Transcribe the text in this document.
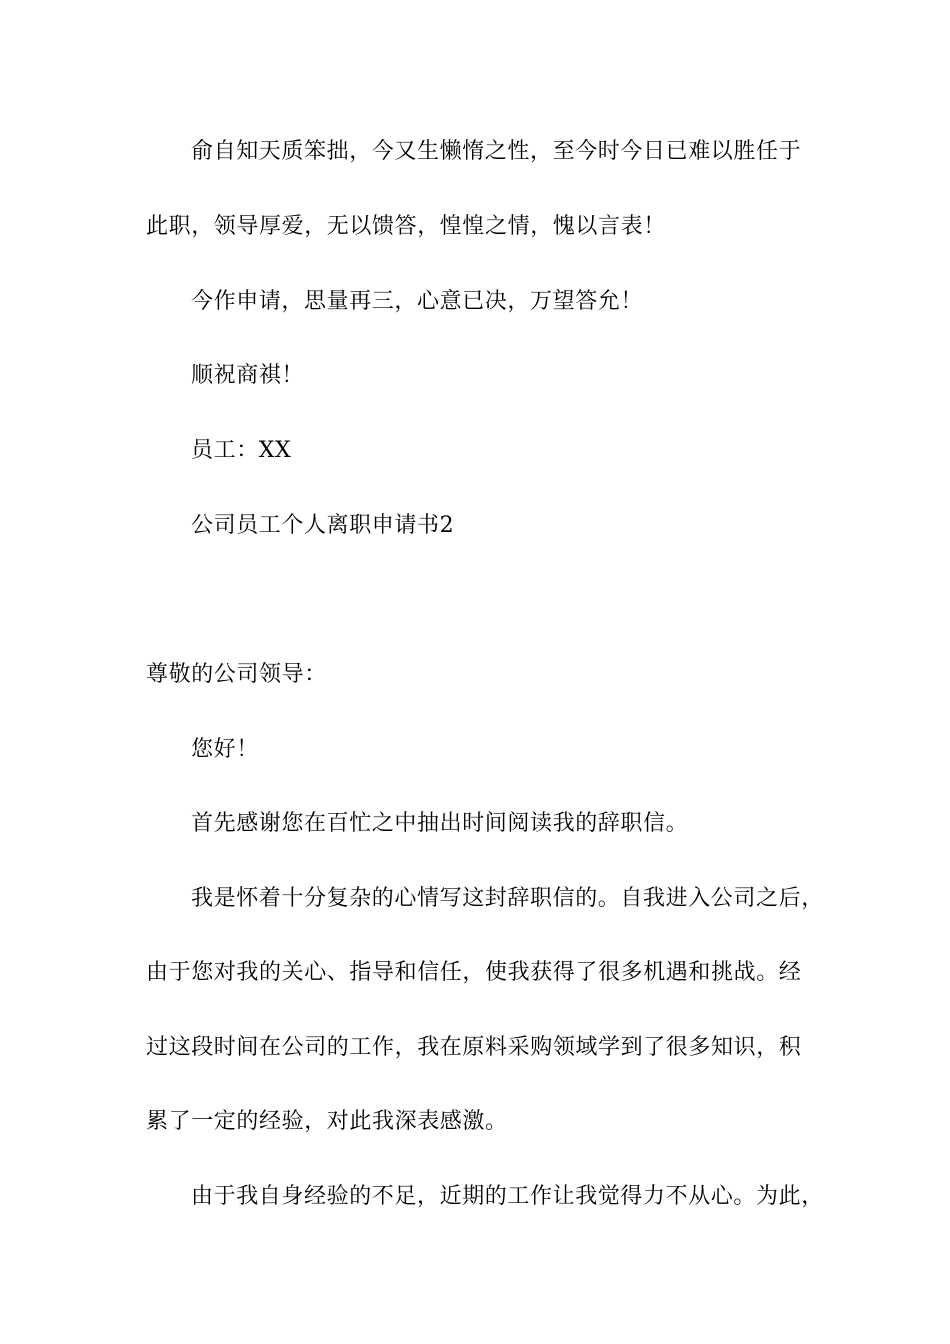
俞自知天质笨拙，今又生懒惰之性，至今时今日已难以胜任于

此职，领导厚爱，无以馈答，惶惶之情，愧以言表！

今作申请，思量再三，心意已决，万望答允！

顺祝商祺！

员工：XX

公司员工个人离职申请书2

尊敬的公司领导：

您好！

首先感谢您在百忙之中抽出时间阅读我的辞职信。

我是怀着十分复杂的心情写这封辞职信的。自我进入公司之后，

由于您对我的关心、指导和信任，使我获得了很多机遇和挑战。经

过这段时间在公司的工作，我在原料采购领域学到了很多知识，积

累了一定的经验，对此我深表感激。

由于我自身经验的不足，近期的工作让我觉得力不从心。为此，
